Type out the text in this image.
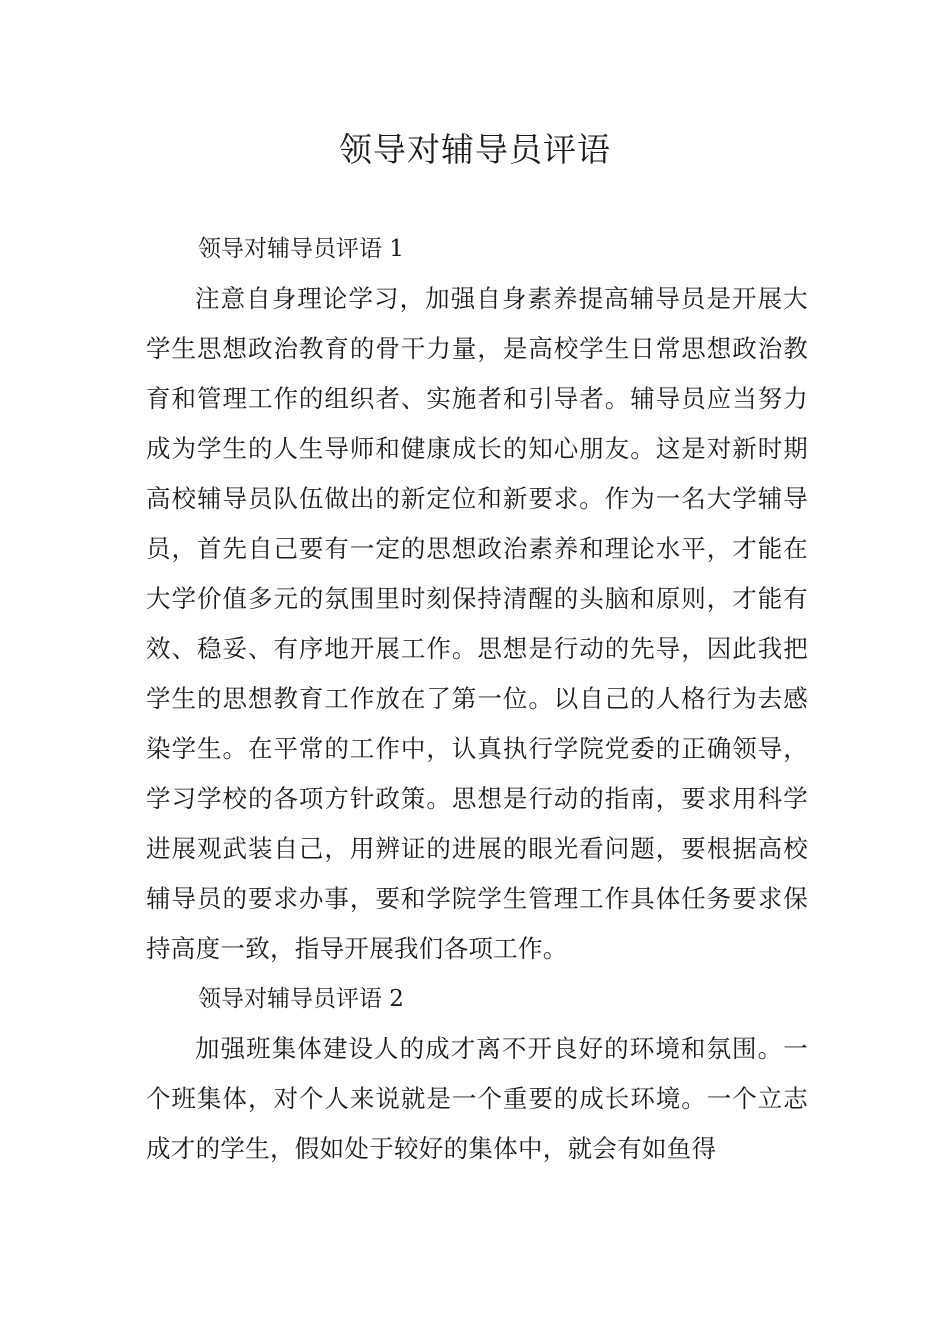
领导对辅导员评语

领导对辅导员评语 1

注意自身理论学习，加强自身素养提高辅导员是开展大学生思想政治教育的骨干力量，是高校学生日常思想政治教育和管理工作的组织者、实施者和引导者。辅导员应当努力成为学生的人生导师和健康成长的知心朋友。这是对新时期高校辅导员队伍做出的新定位和新要求。作为一名大学辅导员，首先自己要有一定的思想政治素养和理论水平，才能在大学价值多元的氛围里时刻保持清醒的头脑和原则，才能有效、稳妥、有序地开展工作。思想是行动的先导，因此我把学生的思想教育工作放在了第一位。以自己的人格行为去感染学生。在平常的工作中，认真执行学院党委的正确领导，学习学校的各项方针政策。思想是行动的指南，要求用科学进展观武装自己，用辨证的进展的眼光看问题，要根据高校辅导员的要求办事，要和学院学生管理工作具体任务要求保持高度一致，指导开展我们各项工作。

领导对辅导员评语 2

加强班集体建设人的成才离不开良好的环境和氛围。一个班集体，对个人来说就是一个重要的成长环境。一个立志成才的学生，假如处于较好的集体中，就会有如鱼得
